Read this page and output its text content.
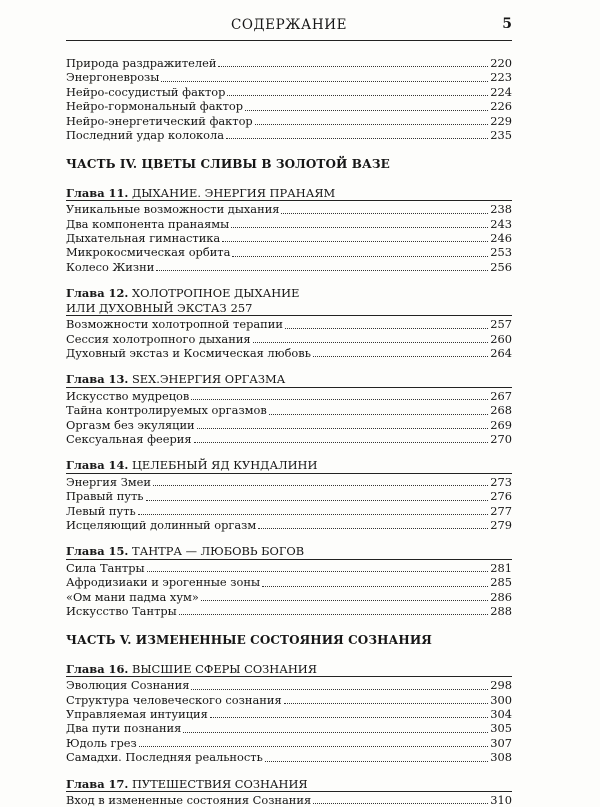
СОДЕРЖАНИЕ	5
Природа раздражителей	220
Энергоневрозы	223
Нейро-сосудистый фактор	224
Нейро-гормональный фактор	226
Нейро-энергетический фактор	229
Последний удар колокола	235
ЧАСТЬ IV. ЦВЕТЫ СЛИВЫ В ЗОЛОТОЙ ВАЗЕ
Глава 11. ДЫХАНИЕ. ЭНЕРГИЯ ПРАНАЯМ
Уникальные возможности дыхания	238
Два компонента пранаямы	243
Дыхательная гимнастика	246
Микрокосмическая орбита	253
Колесо Жизни	256
Глава 12. ХОЛОТРОПНОЕ ДЫХАНИЕ
ИЛИ ДУХОВНЫЙ ЭКСТАЗ 257
Возможности холотропной терапии	257
Сессия холотропного дыхания	260
Духовный экстаз и Космическая любовь	264
Глава 13. SEX.ЭНЕРГИЯ ОРГАЗМА
Искусство мудрецов	267
Тайна контролируемых оргазмов	268
Оргазм без экуляции	269
Сексуальная феерия	270
Глава 14. ЦЕЛЕБНЫЙ ЯД КУНДАЛИНИ
Энергия Змеи	273
Правый путь	276
Левый путь	277
Исцеляющий долинный оргазм	279
Глава 15. ТАНТРА — ЛЮБОВЬ БОГОВ
Сила Тантры	281
Афродизиаки и эрогенные зоны	285
«Ом мани падма хум»	286
Искусство Тантры	288
ЧАСТЬ V. ИЗМЕНЕННЫЕ СОСТОЯНИЯ СОЗНАНИЯ
Глава 16. ВЫСШИЕ СФЕРЫ СОЗНАНИЯ
Эволюция Сознания	298
Структура человеческого сознания	300
Управляемая интуиция	304
Два пути познания	305
Юдоль грез	307
Самадхи. Последняя реальность	308
Глава 17. ПУТЕШЕСТВИЯ СОЗНАНИЯ
Вход в измененные состояния Сознания	310
